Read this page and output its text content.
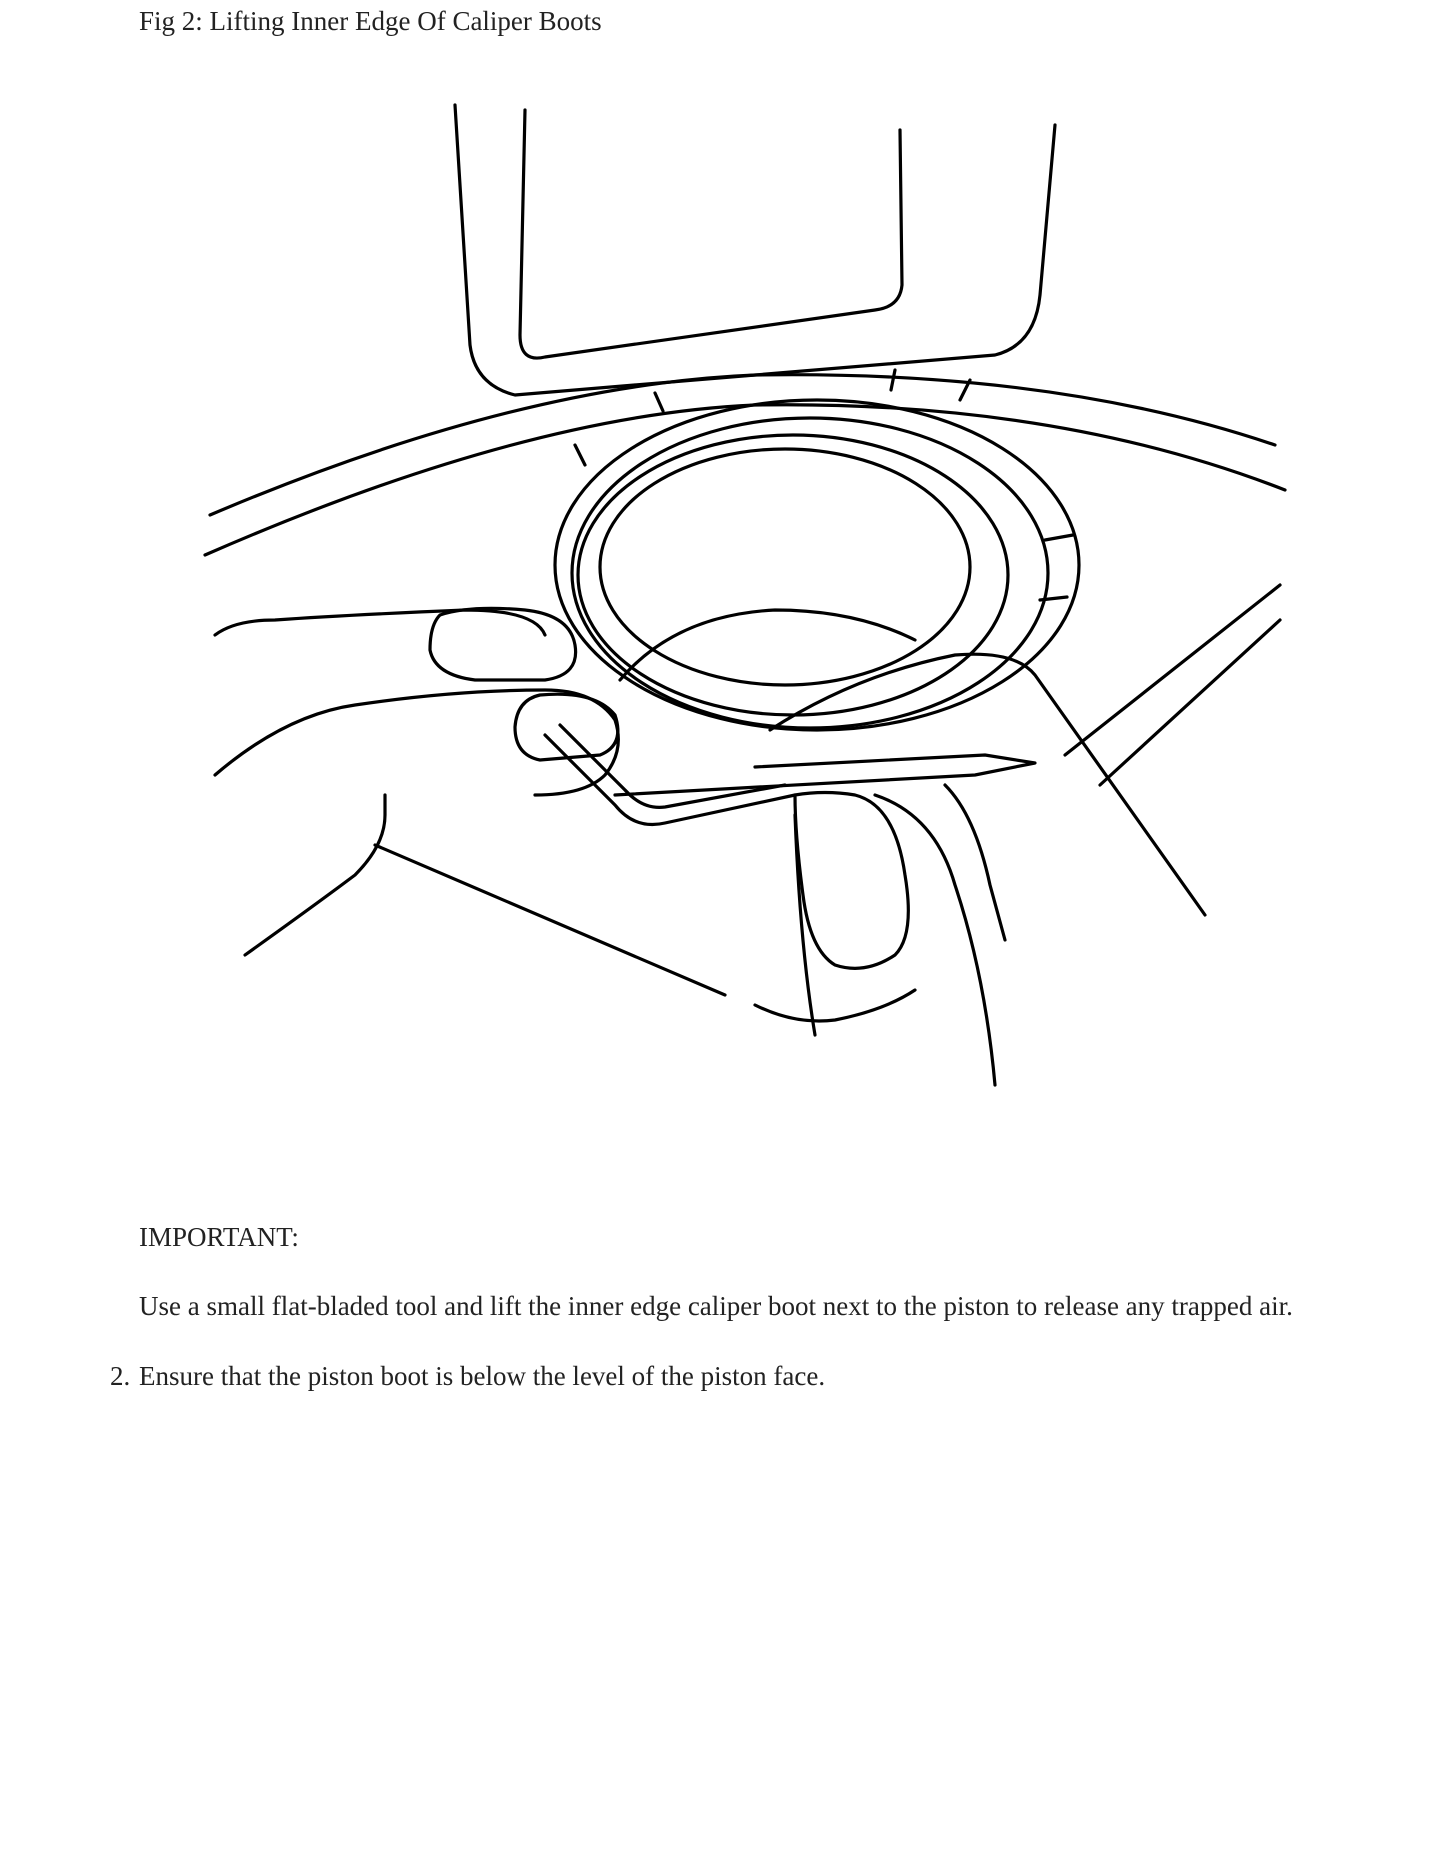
Fig 2: Lifting Inner Edge Of Caliper Boots
IMPORTANT:
Use a small flat-bladed tool and lift the inner edge caliper boot next to the piston to release any trapped air.
2. Ensure that the piston boot is below the level of the piston face.
